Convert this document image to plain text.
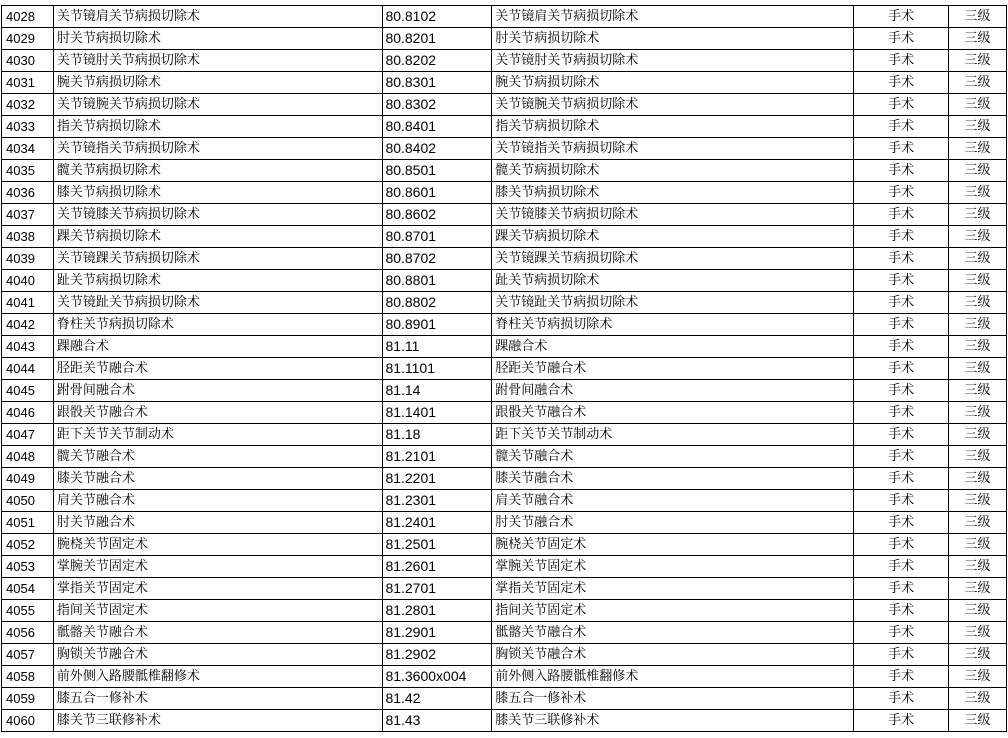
4028	关节镜肩关节病损切除术	80.8102	关节镜肩关节病损切除术	手术	三级
4029	肘关节病损切除术	80.8201	肘关节病损切除术	手术	三级
4030	关节镜肘关节病损切除术	80.8202	关节镜肘关节病损切除术	手术	三级
4031	腕关节病损切除术	80.8301	腕关节病损切除术	手术	三级
4032	关节镜腕关节病损切除术	80.8302	关节镜腕关节病损切除术	手术	三级
4033	指关节病损切除术	80.8401	指关节病损切除术	手术	三级
4034	关节镜指关节病损切除术	80.8402	关节镜指关节病损切除术	手术	三级
4035	髋关节病损切除术	80.8501	髋关节病损切除术	手术	三级
4036	膝关节病损切除术	80.8601	膝关节病损切除术	手术	三级
4037	关节镜膝关节病损切除术	80.8602	关节镜膝关节病损切除术	手术	三级
4038	踝关节病损切除术	80.8701	踝关节病损切除术	手术	三级
4039	关节镜踝关节病损切除术	80.8702	关节镜踝关节病损切除术	手术	三级
4040	趾关节病损切除术	80.8801	趾关节病损切除术	手术	三级
4041	关节镜趾关节病损切除术	80.8802	关节镜趾关节病损切除术	手术	三级
4042	脊柱关节病损切除术	80.8901	脊柱关节病损切除术	手术	三级
4043	踝融合术	81.11	踝融合术	手术	三级
4044	胫距关节融合术	81.1101	胫距关节融合术	手术	三级
4045	跗骨间融合术	81.14	跗骨间融合术	手术	三级
4046	跟骰关节融合术	81.1401	跟骰关节融合术	手术	三级
4047	距下关节关节制动术	81.18	距下关节关节制动术	手术	三级
4048	髋关节融合术	81.2101	髋关节融合术	手术	三级
4049	膝关节融合术	81.2201	膝关节融合术	手术	三级
4050	肩关节融合术	81.2301	肩关节融合术	手术	三级
4051	肘关节融合术	81.2401	肘关节融合术	手术	三级
4052	腕桡关节固定术	81.2501	腕桡关节固定术	手术	三级
4053	掌腕关节固定术	81.2601	掌腕关节固定术	手术	三级
4054	掌指关节固定术	81.2701	掌指关节固定术	手术	三级
4055	指间关节固定术	81.2801	指间关节固定术	手术	三级
4056	骶髂关节融合术	81.2901	骶髂关节融合术	手术	三级
4057	胸锁关节融合术	81.2902	胸锁关节融合术	手术	三级
4058	前外侧入路腰骶椎翻修术	81.3600x004	前外侧入路腰骶椎翻修术	手术	三级
4059	膝五合一修补术	81.42	膝五合一修补术	手术	三级
4060	膝关节三联修补术	81.43	膝关节三联修补术	手术	三级
